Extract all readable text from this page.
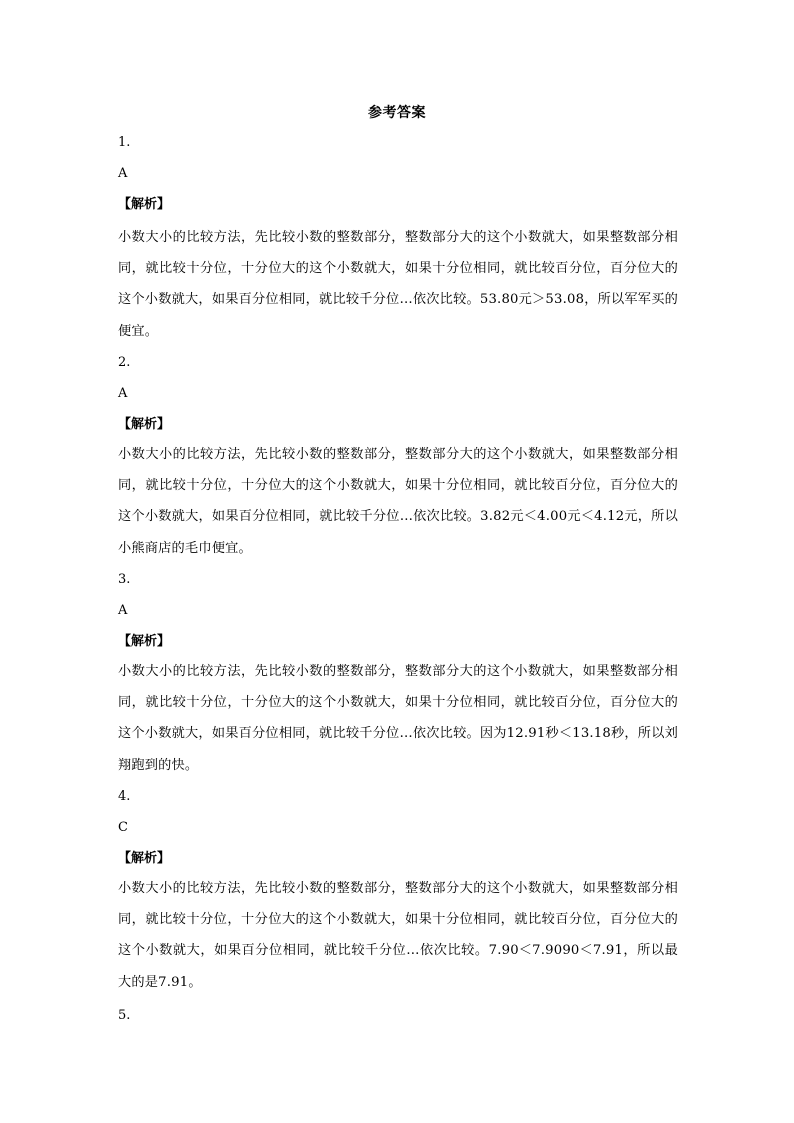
参考答案
1.
A
【解析】
小数大小的比较方法，先比较小数的整数部分，整数部分大的这个小数就大，如果整数部分相同，就比较十分位，十分位大的这个小数就大，如果十分位相同，就比较百分位，百分位大的这个小数就大，如果百分位相同，就比较千分位…依次比较。53.80元＞53.08，所以军军买的便宜。
2.
A
【解析】
小数大小的比较方法，先比较小数的整数部分，整数部分大的这个小数就大，如果整数部分相同，就比较十分位，十分位大的这个小数就大，如果十分位相同，就比较百分位，百分位大的这个小数就大，如果百分位相同，就比较千分位…依次比较。3.82元＜4.00元＜4.12元，所以小熊商店的毛巾便宜。
3.
A
【解析】
小数大小的比较方法，先比较小数的整数部分，整数部分大的这个小数就大，如果整数部分相同，就比较十分位，十分位大的这个小数就大，如果十分位相同，就比较百分位，百分位大的这个小数就大，如果百分位相同，就比较千分位…依次比较。因为12.91秒＜13.18秒，所以刘翔跑到的快。
4.
C
【解析】
小数大小的比较方法，先比较小数的整数部分，整数部分大的这个小数就大，如果整数部分相同，就比较十分位，十分位大的这个小数就大，如果十分位相同，就比较百分位，百分位大的这个小数就大，如果百分位相同，就比较千分位…依次比较。7.90＜7.9090＜7.91，所以最大的是7.91。
5.
